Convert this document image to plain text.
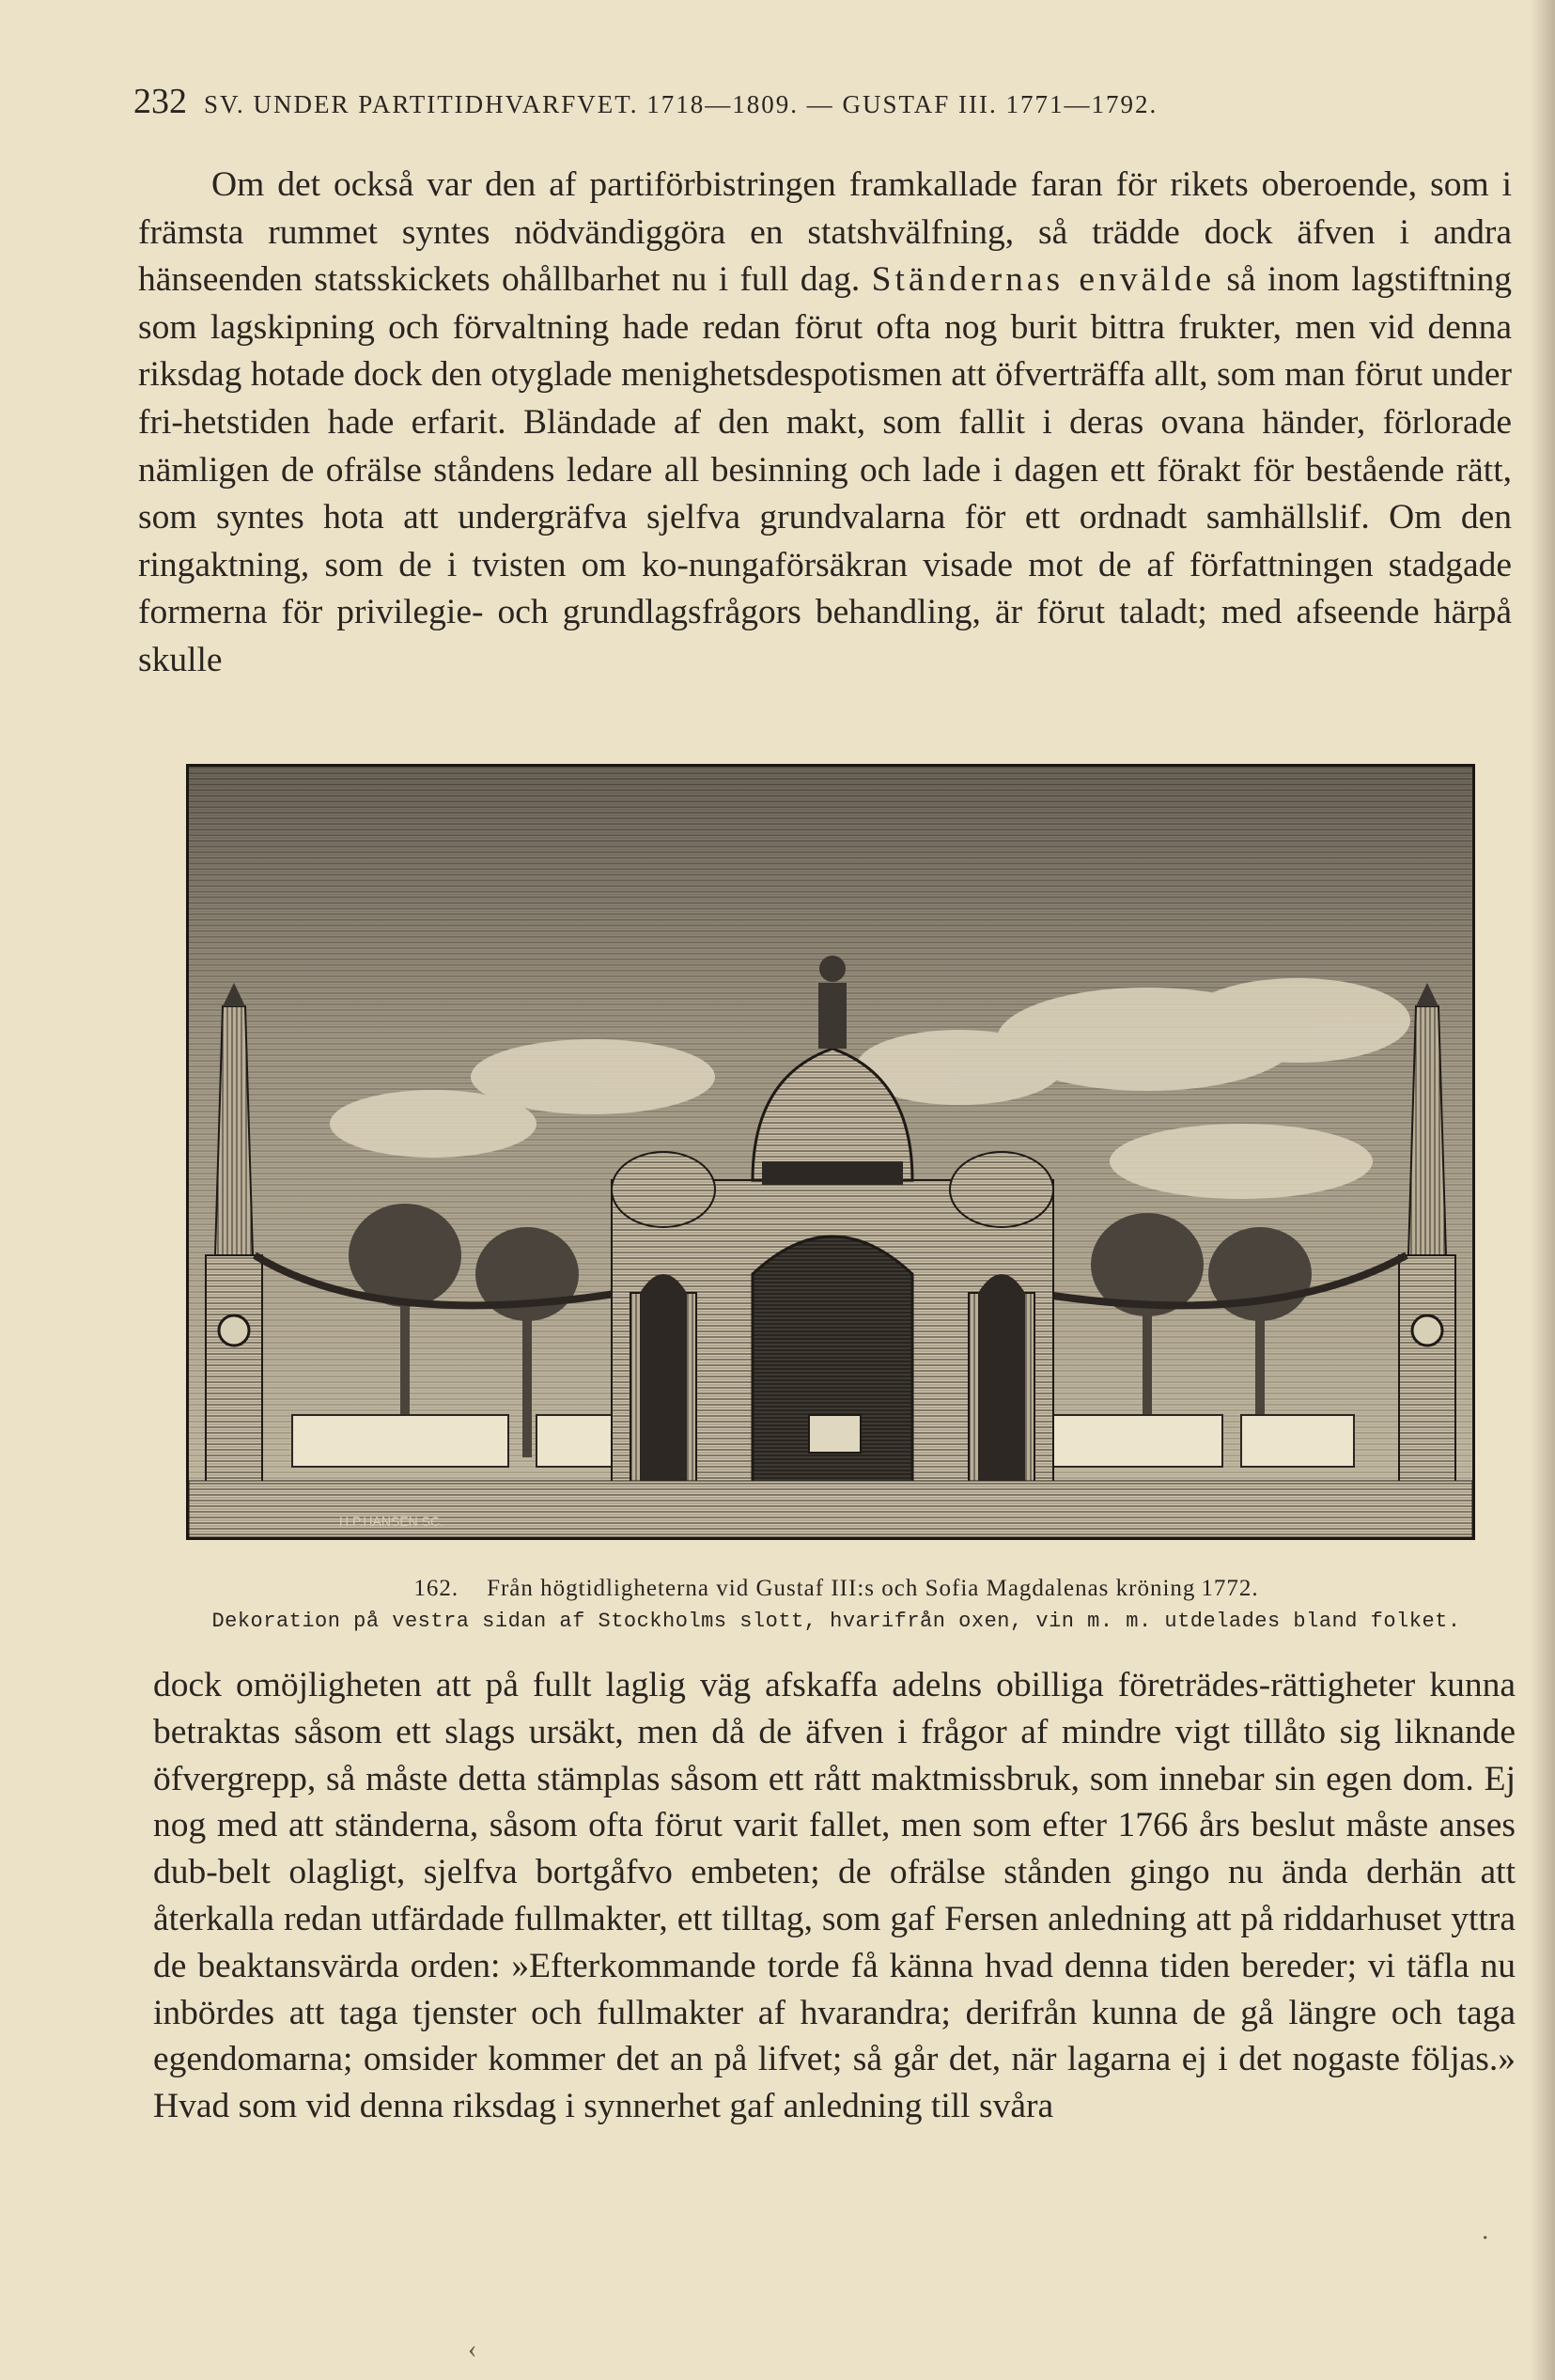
232 SV. UNDER PARTITIDHVARFVET. 1718—1809. — GUSTAF III. 1771—1792.

Om det också var den af partiförbistringen framkallade faran för rikets oberoende, som i främsta rummet syntes nödvändiggöra en statshvälfning, så trädde dock äfven i andra hänseenden statsskickets ohållbarhet nu i full dag. Ständernas envälde så inom lagstiftning som lagskipning och förvaltning hade redan förut ofta nog burit bittra frukter, men vid denna riksdag hotade dock den otyglade menighetsdespotismen att öfverträffa allt, som man förut under fri-hetstiden hade erfarit. Bländade af den makt, som fallit i deras ovana händer, förlorade nämligen de ofrälse ståndens ledare all besinning och lade i dagen ett förakt för bestående rätt, som syntes hota att undergräfva sjelfva grundvalarna för ett ordnadt samhällslif. Om den ringaktning, som de i tvisten om ko-nungaförsäkran visade mot de af författningen stadgade formerna för privilegie- och grundlagsfrågors behandling, är förut taladt; med afseende härpå skulle

H.P.HANSEN SC.
162. Från högtidligheterna vid Gustaf III:s och Sofia Magdalenas kröning 1772.
Dekoration på vestra sidan af Stockholms slott, hvarifrån oxen, vin m. m. utdelades bland folket.

dock omöjligheten att på fullt laglig väg afskaffa adelns obilliga företrädes-rättigheter kunna betraktas såsom ett slags ursäkt, men då de äfven i frågor af mindre vigt tillåto sig liknande öfvergrepp, så måste detta stämplas såsom ett rått maktmissbruk, som innebar sin egen dom. Ej nog med att ständerna, såsom ofta förut varit fallet, men som efter 1766 års beslut måste anses dub-belt olagligt, sjelfva bortgåfvo embeten; de ofrälse stånden gingo nu ända derhän att återkalla redan utfärdade fullmakter, ett tilltag, som gaf Fersen anledning att på riddarhuset yttra de beaktansvärda orden: »Efterkommande torde få känna hvad denna tiden bereder; vi täfla nu inbördes att taga tjenster och fullmakter af hvarandra; derifrån kunna de gå längre och taga egendomarna; omsider kommer det an på lifvet; så går det, när lagarna ej i det nogaste följas.» Hvad som vid denna riksdag i synnerhet gaf anledning till svåra

·
‹
